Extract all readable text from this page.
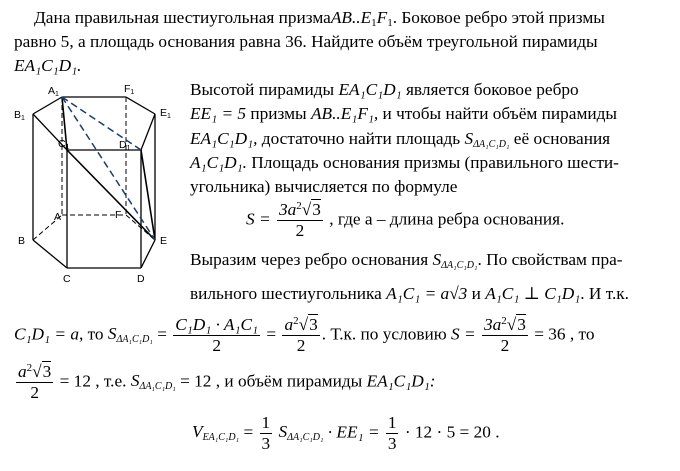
Дана правильная шестиугольная $призмаAB..E_1F_1$. Боковое ребро этой призмы
равно 5, а площадь основания равна 36. Найдите объём треугольной пирамиды
EA₁C₁D₁.
A1	F1
E1
B1
C1	D1
A	F
B	E
C	D
Высотой пирамиды EA₁C₁D₁ является боковое ребро
EE₁ = 5 призмы AB..E₁F₁, и чтобы найти объём пирамиды
EA₁C₁D₁, достаточно найти площадь $S_{\Delta A_1C_1D_1}$ её основания
A₁C₁D₁. Площадь основания призмы (правильного шести-
угольника) вычисляется по формуле
$S = \frac{3a^2√3}{2}$ , где a – длина ребра основания.
Выразим через ребро основания $S_{\Delta A_1C_1D_1}$. По свойствам пра-
вильного шестиугольника A₁C₁ = a√3 и A₁C₁ ⊥ C₁D₁. И т.к.
C₁D₁ = a, то $S_{\Delta A_1C_1D_1} = \frac{\text{C₁D₁ · A₁C₁}}{2} = \frac{a^2√3}{2}$ . Т.к. по условию $S = \frac{3a^2√3}{2} = 36$ , то
$\frac{a^2√3}{2} = 12$ , т.е. $S_{\Delta A_1C_1D_1} = 12$ , и объём пирамиды EA₁C₁D₁:
$V_{EA_1C_1D_1} = \frac{1}{3} S_{\Delta A_1C_1D_1} \cdot EE_1 = \frac{1}{3} \cdot 12 \cdot 5 = 20$ .
